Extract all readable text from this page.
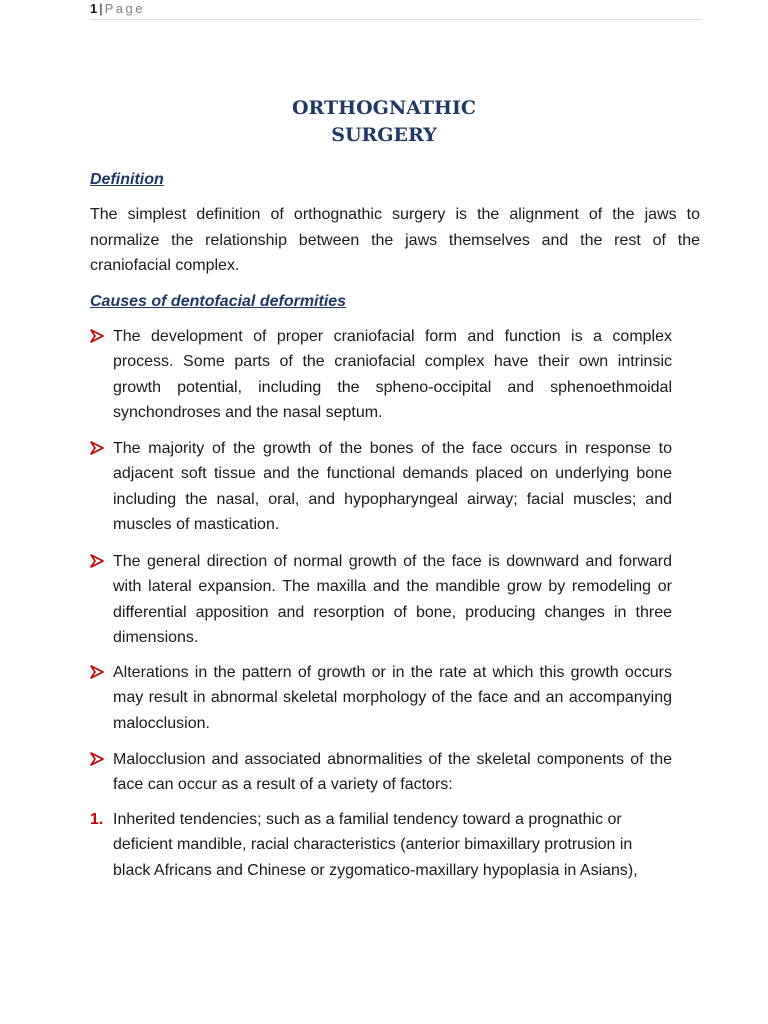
1 | Page
ORTHOGNATHIC
SURGERY
Definition
The simplest definition of orthognathic surgery is the alignment of the jaws to normalize the relationship between the jaws themselves and the rest of the craniofacial complex.
Causes of dentofacial deformities
The development of proper craniofacial form and function is a complex process. Some parts of the craniofacial complex have their own intrinsic growth potential, including the spheno-occipital and sphenoethmoidal synchondroses and the nasal septum.
The majority of the growth of the bones of the face occurs in response to adjacent soft tissue and the functional demands placed on underlying bone including the nasal, oral, and hypopharyngeal airway; facial muscles; and muscles of mastication.
The general direction of normal growth of the face is downward and forward with lateral expansion. The maxilla and the mandible grow by remodeling or differential apposition and resorption of bone, producing changes in three dimensions.
Alterations in the pattern of growth or in the rate at which this growth occurs may result in abnormal skeletal morphology of the face and an accompanying malocclusion.
Malocclusion and associated abnormalities of the skeletal components of the face can occur as a result of a variety of factors:
1. Inherited tendencies; such as a familial tendency toward a prognathic or deficient mandible, racial characteristics (anterior bimaxillary protrusion in black Africans and Chinese or zygomatico-maxillary hypoplasia in Asians),
